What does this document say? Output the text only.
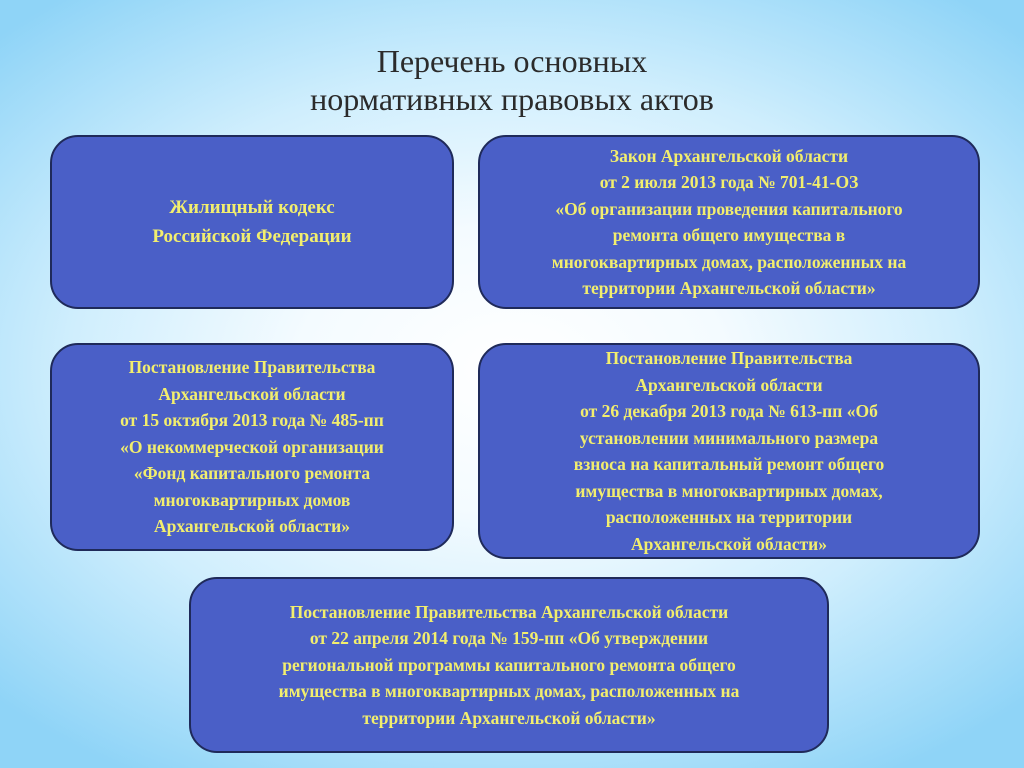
Перечень основных
нормативных правовых актов
Жилищный кодекс
Российской Федерации
Закон Архангельской области
от 2 июля 2013 года № 701-41-ОЗ
«Об организации проведения капитального
ремонта общего имущества в
многоквартирных домах, расположенных на
территории Архангельской области»
Постановление Правительства
Архангельской области
от 15 октября 2013 года № 485-пп
«О некоммерческой организации
«Фонд капитального ремонта
многоквартирных домов
Архангельской области»
Постановление Правительства
Архангельской области
от 26 декабря 2013 года № 613-пп «Об
установлении минимального размера
взноса на капитальный ремонт общего
имущества в многоквартирных домах,
расположенных на территории
Архангельской области»
Постановление Правительства Архангельской области
от 22 апреля 2014 года № 159-пп «Об утверждении
региональной программы капитального ремонта общего
имущества в многоквартирных домах, расположенных на
территории Архангельской области»
